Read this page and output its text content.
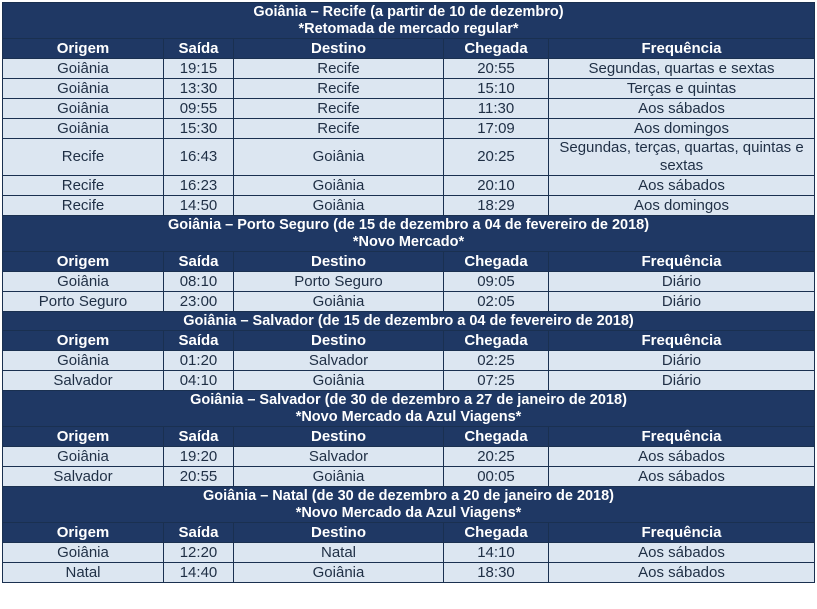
Goiânia – Recife (a partir de 10 de dezembro)
*Retomada de mercado regular*				
Origem	Saída	Destino	Chegada	Frequência
Goiânia	19:15	Recife	20:55	Segundas, quartas e sextas
Goiânia	13:30	Recife	15:10	Terças e quintas
Goiânia	09:55	Recife	11:30	Aos sábados
Goiânia	15:30	Recife	17:09	Aos domingos
Recife	16:43	Goiânia	20:25	Segundas, terças, quartas, quintas e sextas
Recife	16:23	Goiânia	20:10	Aos sábados
Recife	14:50	Goiânia	18:29	Aos domingos
Goiânia – Porto Seguro (de 15 de dezembro a 04 de fevereiro de 2018)
*Novo Mercado*				
Origem	Saída	Destino	Chegada	Frequência
Goiânia	08:10	Porto Seguro	09:05	Diário
Porto Seguro	23:00	Goiânia	02:05	Diário
Goiânia – Salvador (de 15 de dezembro a 04 de fevereiro de 2018)				
Origem	Saída	Destino	Chegada	Frequência
Goiânia	01:20	Salvador	02:25	Diário
Salvador	04:10	Goiânia	07:25	Diário
Goiânia – Salvador (de 30 de dezembro a 27 de janeiro de 2018)
*Novo Mercado da Azul Viagens*				
Origem	Saída	Destino	Chegada	Frequência
Goiânia	19:20	Salvador	20:25	Aos sábados
Salvador	20:55	Goiânia	00:05	Aos sábados
Goiânia – Natal (de 30 de dezembro a 20 de janeiro de 2018)
*Novo Mercado da Azul Viagens*				
Origem	Saída	Destino	Chegada	Frequência
Goiânia	12:20	Natal	14:10	Aos sábados
Natal	14:40	Goiânia	18:30	Aos sábados
